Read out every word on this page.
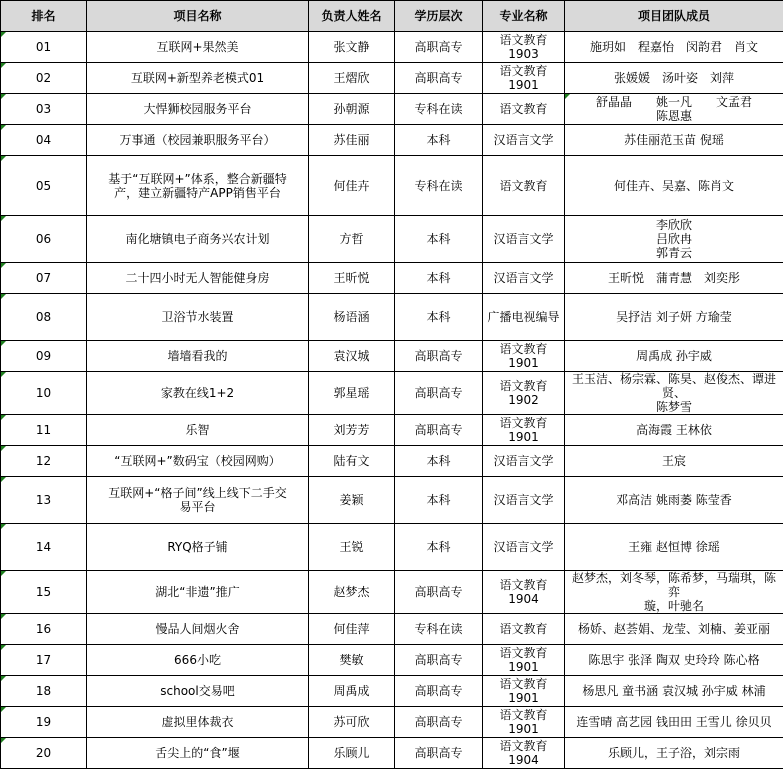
排名	项目名称	负责人姓名	学历层次	专业名称	项目团队成员
01	互联网+果然美	张文静	高职高专	语文教育1903	施玥如　程嘉怡　闵韵君　肖文
02	互联网+新型养老模式01	王熠欣	高职高专	语文教育1901	张媛媛　汤叶姿　刘萍
03	大悍狮校园服务平台	孙朝源	专科在读	语文教育	舒晶晶　　姚一凡　　文孟君
陈恩惠

04	万事通（校园兼职服务平台）	苏佳丽	本科	汉语言文学	苏佳丽范玉苗 倪瑶
05	基于“互联网+”体系，整合新疆特
产，建立新疆特产APP销售平台	何佳卉	专科在读	语文教育	何佳卉、吴嘉、陈肖文
06	南化塘镇电子商务兴农计划	方哲	本科	汉语言文学	李欣欣
吕欣冉
郭青云
07	二十四小时无人智能健身房	王昕悦	本科	汉语言文学	王昕悦　蒲青慧　刘奕彤
08	卫浴节水装置	杨语涵	本科	广播电视编导	吴抒洁 刘子妍 方瑜莹
09	墙墙看我的	袁汉城	高职高专	语文教育1901	周禹成 孙宇威
10	家教在线1+2	郭星瑶	高职高专	语文教育1902	王玉洁、杨宗霖、陈昊、赵俊杰、谭进贤、
陈梦雪
11	乐智	刘芳芳	高职高专	语文教育1901	高海霞 王林依
12	“互联网+”数码宝（校园网购）	陆有文	本科	汉语言文学	王宸
13	互联网+“格子间”线上线下二手交
易平台	姜颖	本科	汉语言文学	邓高洁 姚雨萎 陈莹香
14	RYQ格子铺	王锐	本科	汉语言文学	王雍 赵恒博 徐瑶
15	湖北“非遗”推广	赵梦杰	高职高专	语文教育1904	赵梦杰，刘冬琴，陈希梦，马瑞琪，陈弈
璇，叶驰名
16	慢品人间烟火舍	何佳萍	专科在读	语文教育	杨娇、赵荟娟、龙莹、刘楠、姜亚丽
17	666小吃	樊敏	高职高专	语文教育1901	陈思宇 张泽 陶双 史玲玲 陈心格
18	school交易吧	周禹成	高职高专	语文教育1901	杨思凡 童书涵 袁汉城 孙宇威 林浦
19	虚拟里体裁衣	苏可欣	高职高专	语文教育1901	连雪晴 高艺园 钱田田 王雪儿 徐贝贝
20	舌尖上的“食”堰	乐顾儿	高职高专	语文教育1904	乐顾儿，王子浴，刘宗雨
